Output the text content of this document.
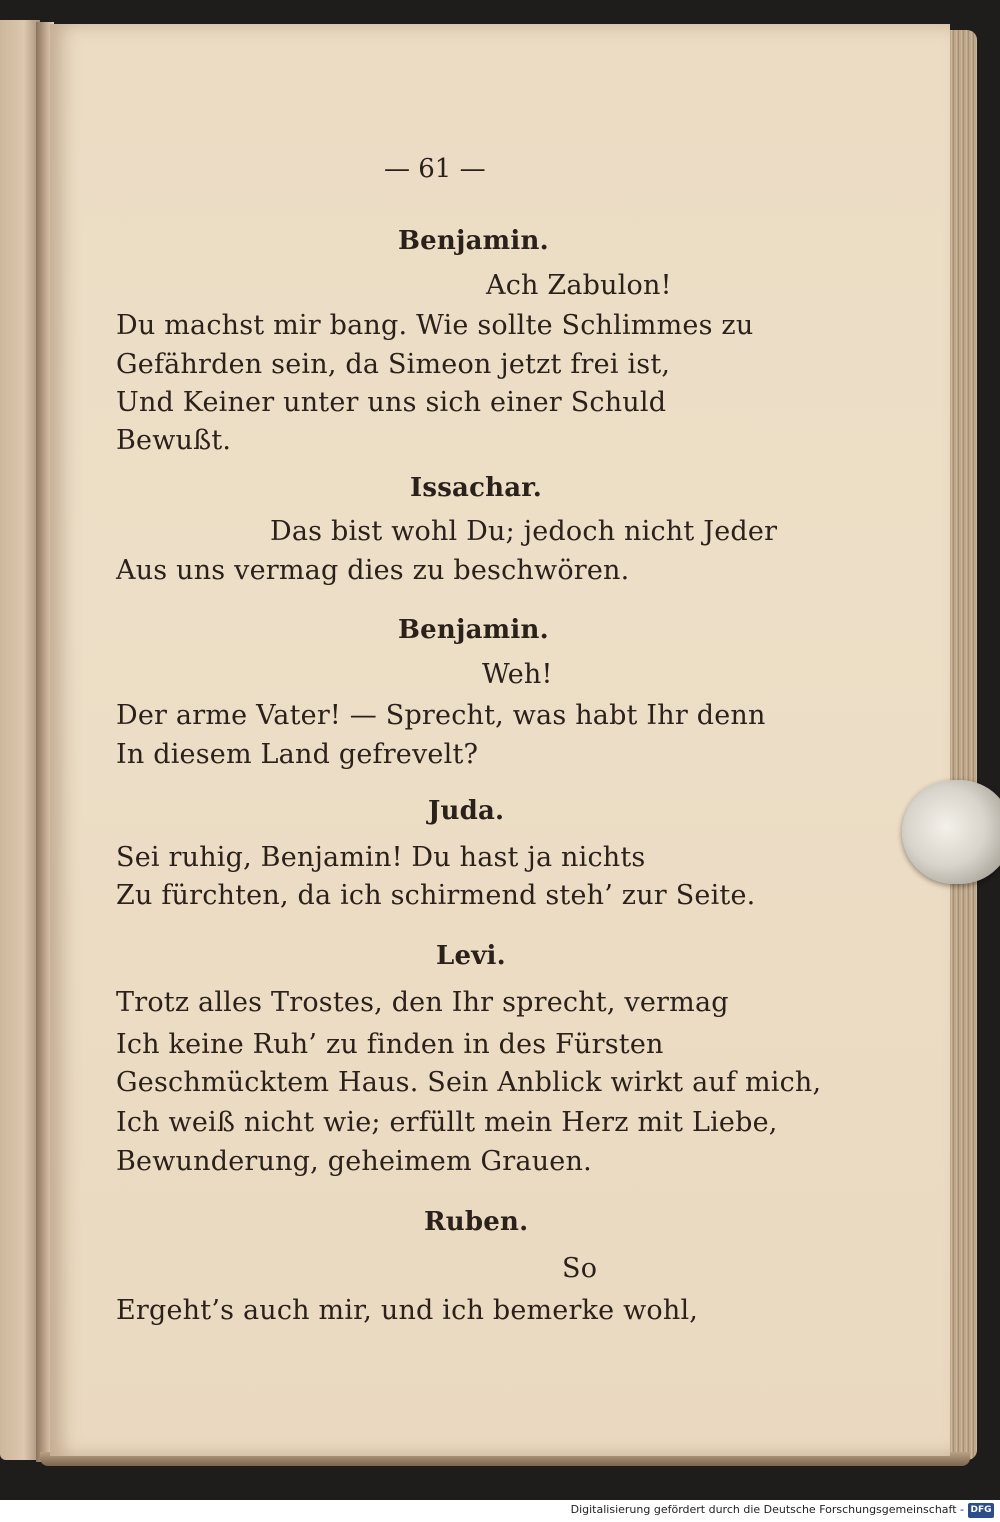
— 61 —
Benjamin.
Ach Zabulon!
Du machst mir bang. Wie sollte Schlimmes zu
Gefährden sein, da Simeon jetzt frei ist,
Und Keiner unter uns sich einer Schuld
Bewußt.
Issachar.
Das bist wohl Du; jedoch nicht Jeder
Aus uns vermag dies zu beschwören.
Benjamin.
Weh!
Der arme Vater! — Sprecht, was habt Ihr denn
In diesem Land gefrevelt?
Juda.
Sei ruhig, Benjamin! Du hast ja nichts
Zu fürchten, da ich schirmend steh’ zur Seite.
Levi.
Trotz alles Trostes, den Ihr sprecht, vermag
Ich keine Ruh’ zu finden in des Fürsten
Geschmücktem Haus. Sein Anblick wirkt auf mich,
Ich weiß nicht wie; erfüllt mein Herz mit Liebe,
Bewunderung, geheimem Grauen.
Ruben.
So
Ergeht’s auch mir, und ich bemerke wohl,
Digitalisierung gefördert durch die Deutsche Forschungsgemeinschaft - DFG
